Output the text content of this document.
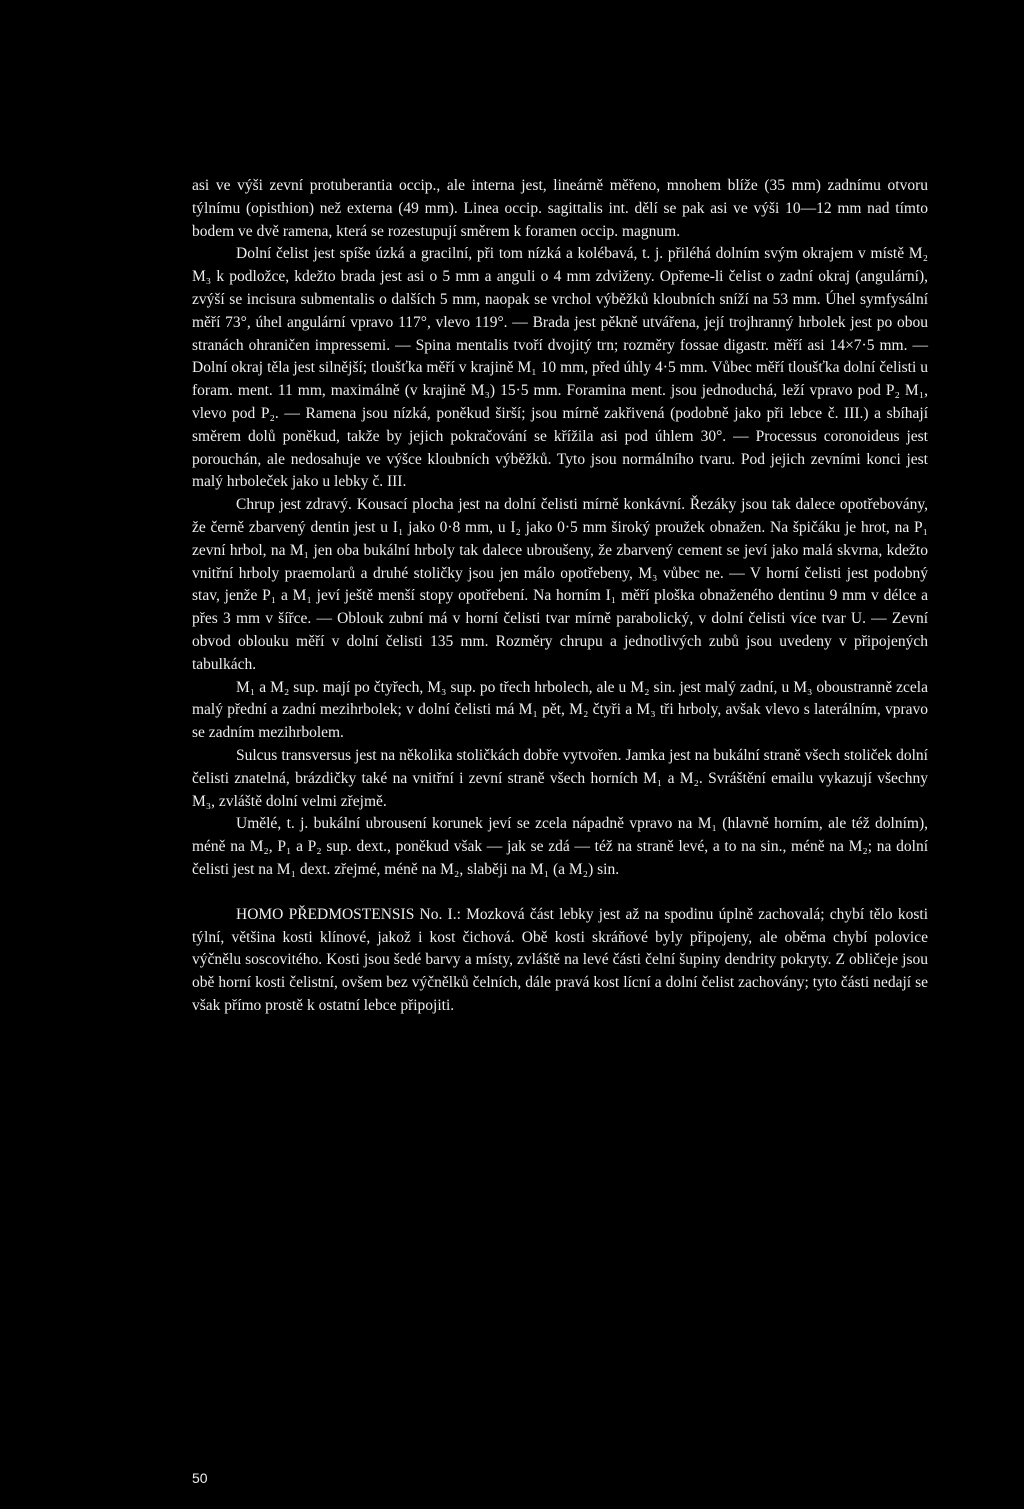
asi ve výši zevní protuberantia occip., ale interna jest, lineárně měřeno, mnohem blíže (35 mm) zadnímu otvoru týlnímu (opisthion) než externa (49 mm). Linea occip. sagittalis int. dělí se pak asi ve výši 10—12 mm nad tímto bodem ve dvě ramena, která se rozestupují směrem k foramen occip. magnum.

Dolní čelist jest spíše úzká a gracilní, při tom nízká a kolébavá, t. j. přiléhá dolním svým okrajem v místě M₂ M₃ k podložce, kdežto brada jest asi o 5 mm a anguli o 4 mm zdviženy. Opřeme-li čelist o zadní okraj (angulární), zvýší se incisura submentalis o dalších 5 mm, naopak se vrchol výběžků kloubních sníží na 53 mm. Úhel symfysální měří 73°, úhel angulární vpravo 117°, vlevo 119°. — Brada jest pěkně utvářena, její trojhranný hrbolek jest po obou stranách ohraničen impressemi. — Spina mentalis tvoří dvojitý trn; rozměry fossae digastr. měří asi 14×7·5 mm. — Dolní okraj těla jest silnější; tloušťka měří v krajině M₁ 10 mm, před úhly 4·5 mm. Vůbec měří tloušťka dolní čelisti u foram. ment. 11 mm, maximálně (v krajině M₃) 15·5 mm. Foramina ment. jsou jednoduchá, leží vpravo pod P₂ M₁, vlevo pod P₂. — Ramena jsou nízká, poněkud širší; jsou mírně zakřivená (podobně jako při lebce č. III.) a sbíhají směrem dolů poněkud, takže by jejich pokračování se křížila asi pod úhlem 30°. — Processus coronoideus jest porouchán, ale nedosahuje ve výšce kloubních výběžků. Tyto jsou normálního tvaru. Pod jejich zevními konci jest malý hrboleček jako u lebky č. III.

Chrup jest zdravý. Kousací plocha jest na dolní čelisti mírně konkávní. Řezáky jsou tak dalece opotřebovány, že černě zbarvený dentin jest u I₁ jako 0·8 mm, u I₂ jako 0·5 mm široký proužek obnažen. Na špičáku je hrot, na P₁ zevní hrbol, na M₁ jen oba bukální hrboly tak dalece ubroušeny, že zbarvený cement se jeví jako malá skvrna, kdežto vnitřní hrboly praemolarů a druhé stoličky jsou jen málo opotřebeny, M₃ vůbec ne. — V horní čelisti jest podobný stav, jenže P₁ a M₁ jeví ještě menší stopy opotřebení. Na horním I₁ měří ploška obnaženého dentinu 9 mm v délce a přes 3 mm v šířce. — Oblouk zubní má v horní čelisti tvar mírně parabolický, v dolní čelisti více tvar U. — Zevní obvod oblouku měří v dolní čelisti 135 mm. Rozměry chrupu a jednotlivých zubů jsou uvedeny v připojených tabulkách.

M₁ a M₂ sup. mají po čtyřech, M₃ sup. po třech hrbolech, ale u M₂ sin. jest malý zadní, u M₃ oboustranně zcela malý přední a zadní mezihrbolek; v dolní čelisti má M₁ pět, M₂ čtyři a M₃ tři hrboly, avšak vlevo s laterálním, vpravo se zadním mezihrbolem.

Sulcus transversus jest na několika stoličkách dobře vytvořen. Jamka jest na bukální straně všech stoliček dolní čelisti znatelná, brázdičky také na vnitřní i zevní straně všech horních M₁ a M₂. Svráštění emailu vykazují všechny M₃, zvláště dolní velmi zřejmě.

Umělé, t. j. bukální ubrousení korunek jeví se zcela nápadně vpravo na M₁ (hlavně horním, ale též dolním), méně na M₂, P₁ a P₂ sup. dext., poněkud však — jak se zdá — též na straně levé, a to na sin., méně na M₂; na dolní čelisti jest na M₁ dext. zřejmé, méně na M₂, slaběji na M₁ (a M₂) sin.

HOMO PŘEDMOSTENSIS No. I.: Mozková část lebky jest až na spodinu úplně zachovalá; chybí tělo kosti týlní, většina kosti klínové, jakož i kost čichová. Obě kosti skráňové byly připojeny, ale oběma chybí polovice výčnělu soscovitého. Kosti jsou šedé barvy a místy, zvláště na levé části čelní šupiny dendrity pokryty. Z obličeje jsou obě horní kosti čelistní, ovšem bez výčnělků čelních, dále pravá kost lícní a dolní čelist zachovány; tyto části nedají se však přímo prostě k ostatní lebce připojiti.

50
